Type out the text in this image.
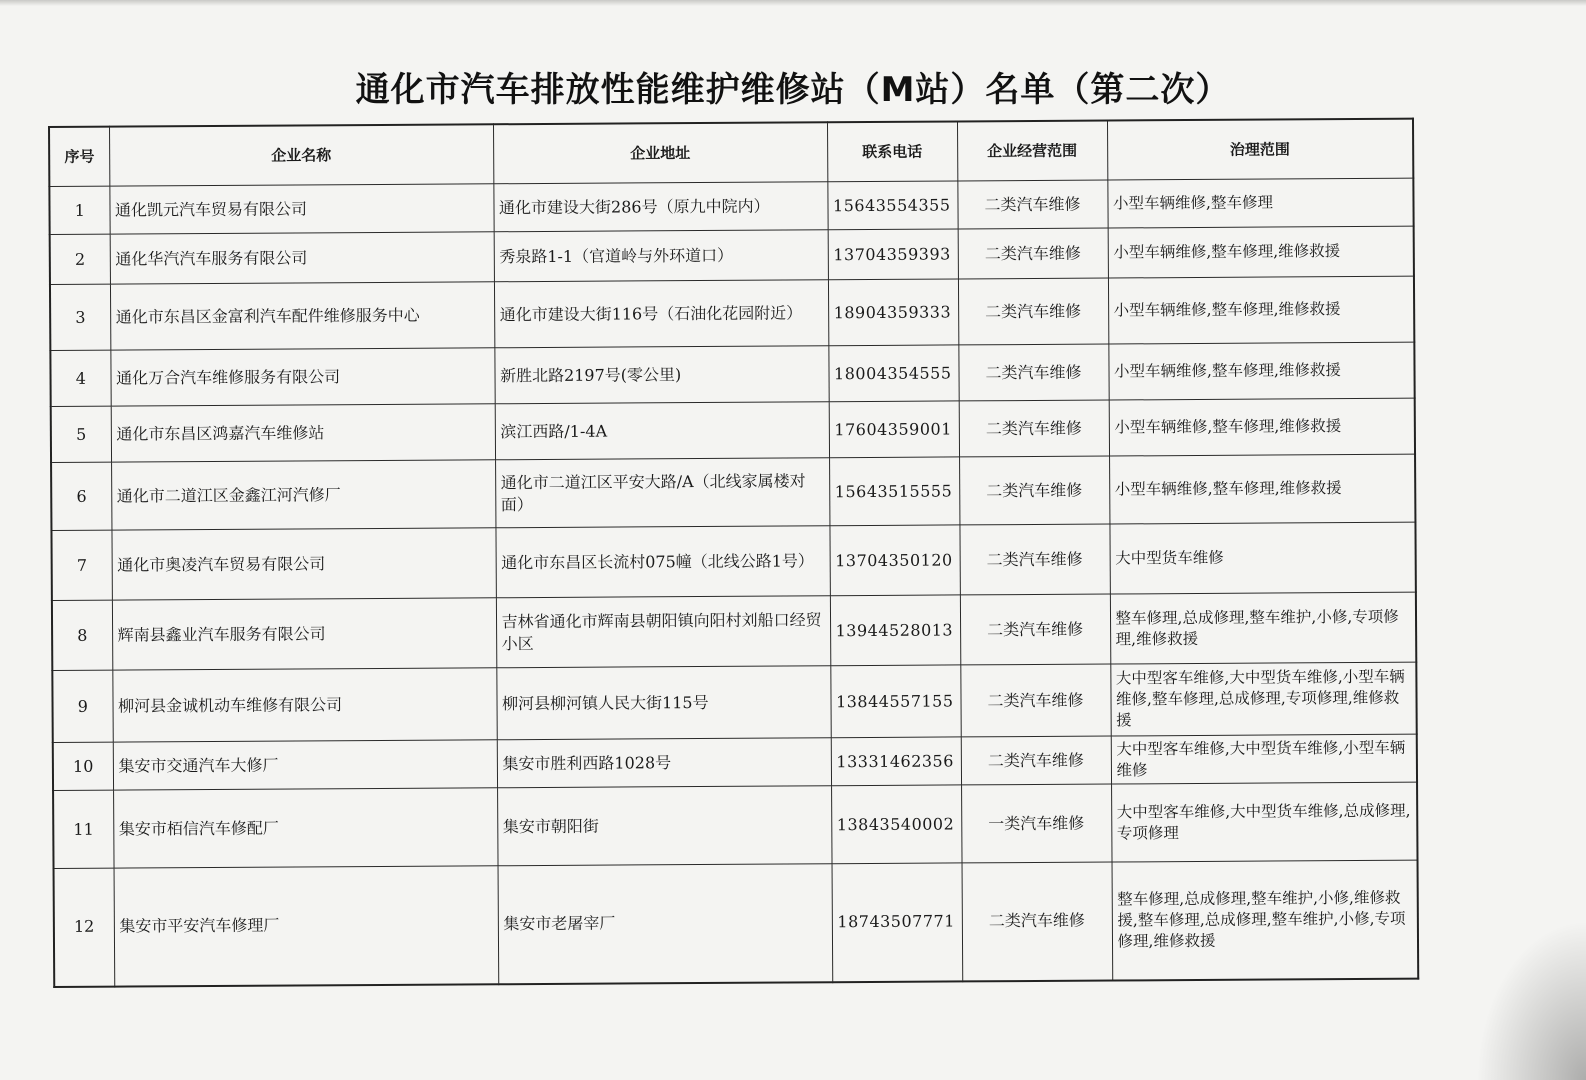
通化市汽车排放性能维护维修站（M站）名单（第二次）
序号	企业名称	企业地址	联系电话	企业经营范围	治理范围
1	通化凯元汽车贸易有限公司	通化市建设大街286号（原九中院内）	15643554355	二类汽车维修	小型车辆维修,整车修理
2	通化华汽汽车服务有限公司	秀泉路1-1（官道岭与外环道口）	13704359393	二类汽车维修	小型车辆维修,整车修理,维修救援
3	通化市东昌区金富利汽车配件维修服务中心	通化市建设大街116号（石油化花园附近）	18904359333	二类汽车维修	小型车辆维修,整车修理,维修救援
4	通化万合汽车维修服务有限公司	新胜北路2197号(零公里)	18004354555	二类汽车维修	小型车辆维修,整车修理,维修救援
5	通化市东昌区鸿嘉汽车维修站	滨江西路/1-4A	17604359001	二类汽车维修	小型车辆维修,整车修理,维修救援
6	通化市二道江区金鑫江河汽修厂	通化市二道江区平安大路/A（北线家属楼对面）	15643515555	二类汽车维修	小型车辆维修,整车修理,维修救援
7	通化市奥凌汽车贸易有限公司	通化市东昌区长流村075幢（北线公路1号）	13704350120	二类汽车维修	大中型货车维修
8	辉南县鑫业汽车服务有限公司	吉林省通化市辉南县朝阳镇向阳村刘船口经贸小区	13944528013	二类汽车维修	整车修理,总成修理,整车维护,小修,专项修理,维修救援
9	柳河县金诚机动车维修有限公司	柳河县柳河镇人民大街115号	13844557155	二类汽车维修	大中型客车维修,大中型货车维修,小型车辆维修,整车修理,总成修理,专项修理,维修救援
10	集安市交通汽车大修厂	集安市胜利西路1028号	13331462356	二类汽车维修	大中型客车维修,大中型货车维修,小型车辆维修
11	集安市栢信汽车修配厂	集安市朝阳街	13843540002	一类汽车维修	大中型客车维修,大中型货车维修,总成修理,专项修理
12	集安市平安汽车修理厂	集安市老屠宰厂	18743507771	二类汽车维修	整车修理,总成修理,整车维护,小修,维修救援,整车修理,总成修理,整车维护,小修,专项修理,维修救援
